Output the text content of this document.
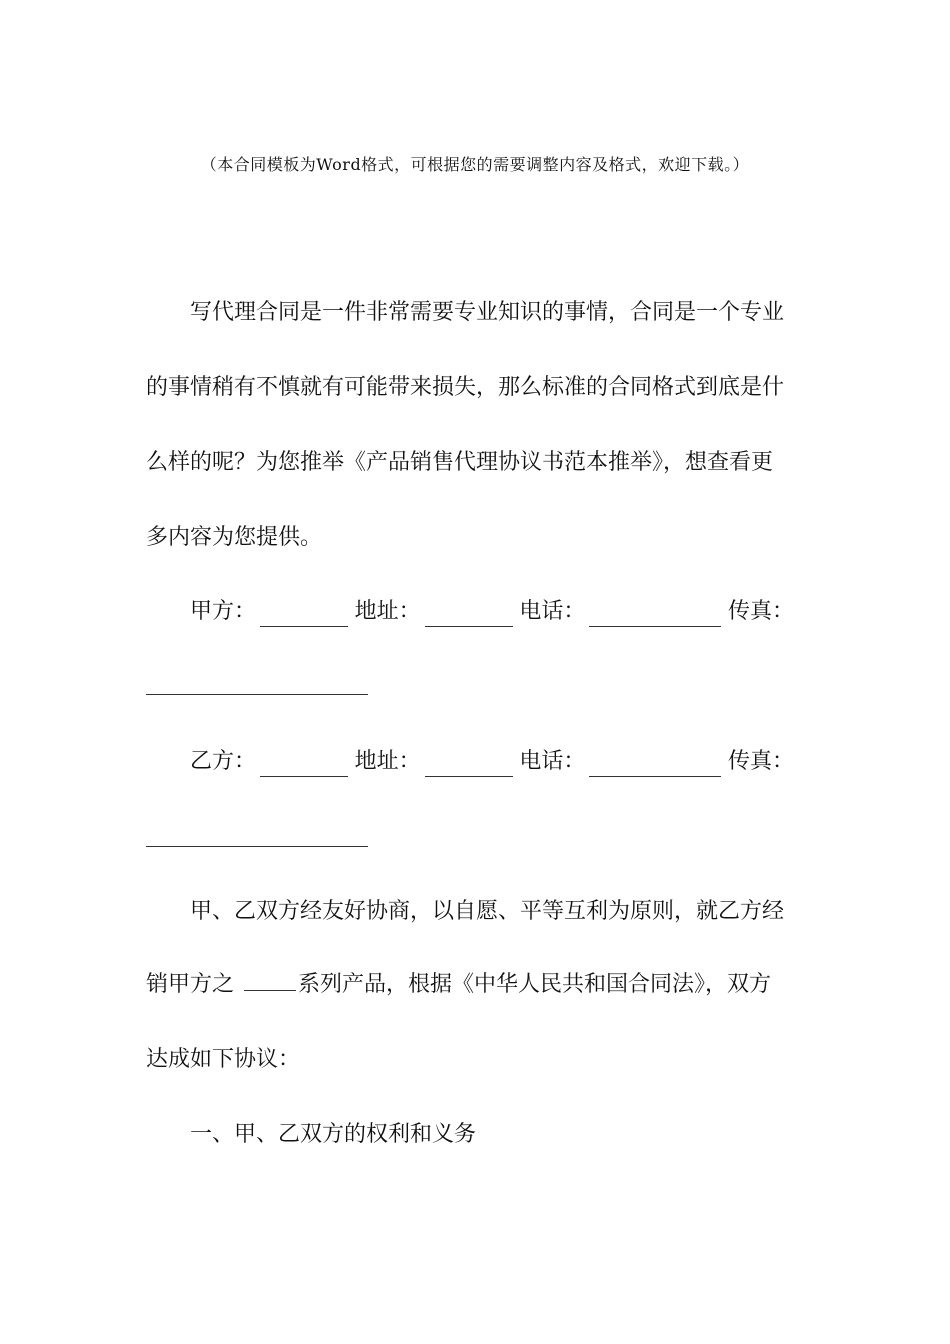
（本合同模板为Word格式，可根据您的需要调整内容及格式，欢迎下载。）
写代理合同是一件非常需要专业知识的事情，合同是一个专业
的事情稍有不慎就有可能带来损失，那么标准的合同格式到底是什
么样的呢？为您推举《产品销售代理协议书范本推举》，想查看更
多内容为您提供。
甲方：	地址：	电话：	传真：
乙方：	地址：	电话：	传真：
甲、乙双方经友好协商，以自愿、平等互利为原则，就乙方经
销甲方之	系列产品，根据《中华人民共和国合同法》，双方
达成如下协议：
一、甲、乙双方的权利和义务
